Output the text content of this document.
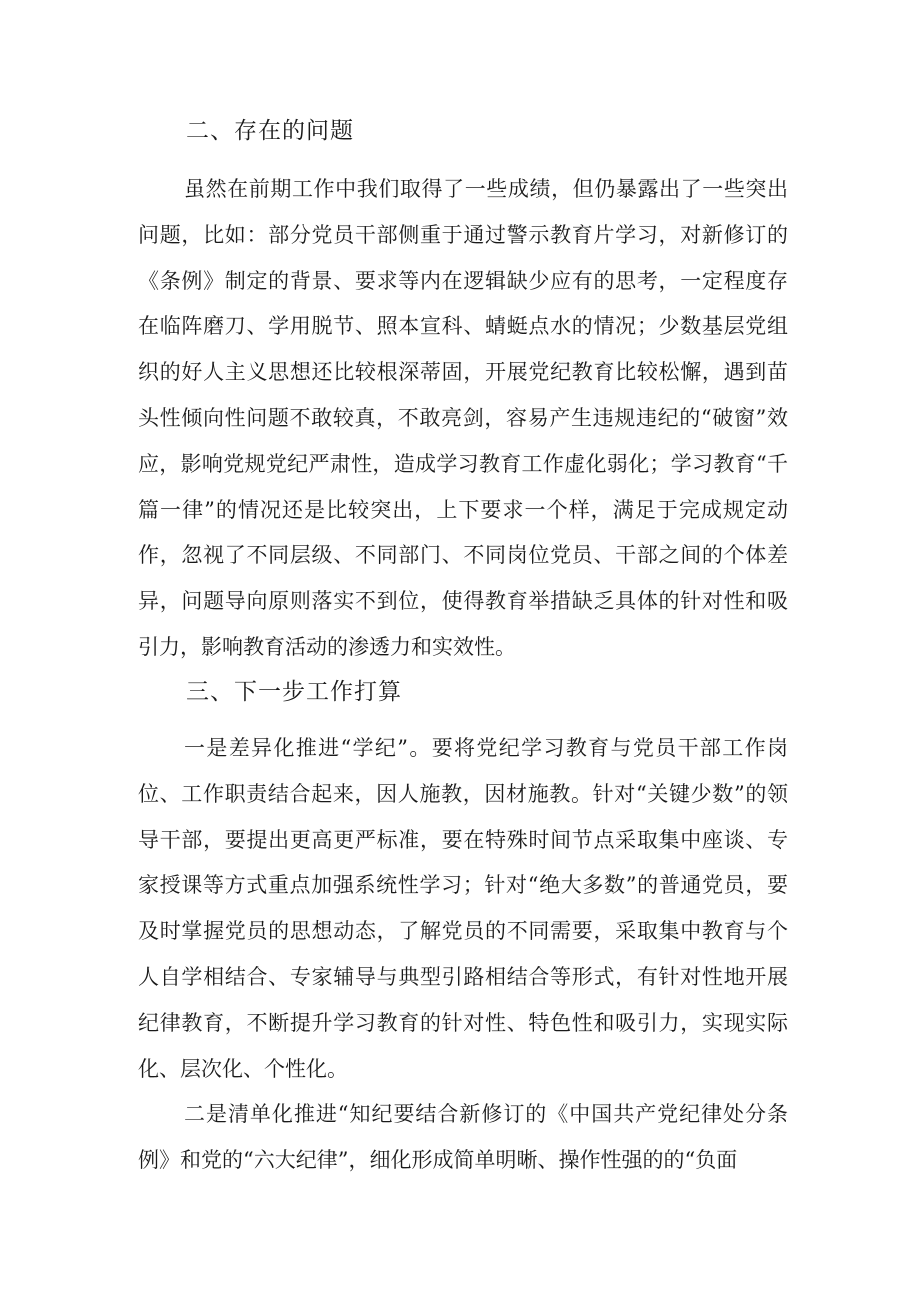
二、存在的问题

虽然在前期工作中我们取得了一些成绩，但仍暴露出了一些突出问题，比如：部分党员干部侧重于通过警示教育片学习，对新修订的《条例》制定的背景、要求等内在逻辑缺少应有的思考，一定程度存在临阵磨刀、学用脱节、照本宣科、蜻蜓点水的情况；少数基层党组织的好人主义思想还比较根深蒂固，开展党纪教育比较松懈，遇到苗头性倾向性问题不敢较真，不敢亮剑，容易产生违规违纪的“破窗”效应，影响党规党纪严肃性，造成学习教育工作虚化弱化；学习教育“千篇一律”的情况还是比较突出，上下要求一个样，满足于完成规定动作，忽视了不同层级、不同部门、不同岗位党员、干部之间的个体差异，问题导向原则落实不到位，使得教育举措缺乏具体的针对性和吸引力，影响教育活动的渗透力和实效性。

三、下一步工作打算

一是差异化推进“学纪”。要将党纪学习教育与党员干部工作岗位、工作职责结合起来，因人施教，因材施教。针对“关键少数”的领导干部，要提出更高更严标准，要在特殊时间节点采取集中座谈、专家授课等方式重点加强系统性学习；针对“绝大多数”的普通党员，要及时掌握党员的思想动态，了解党员的不同需要，采取集中教育与个人自学相结合、专家辅导与典型引路相结合等形式，有针对性地开展纪律教育，不断提升学习教育的针对性、特色性和吸引力，实现实际化、层次化、个性化。

二是清单化推进“知纪要结合新修订的《中国共产党纪律处分条例》和党的“六大纪律”，细化形成简单明晰、操作性强的的“负面
